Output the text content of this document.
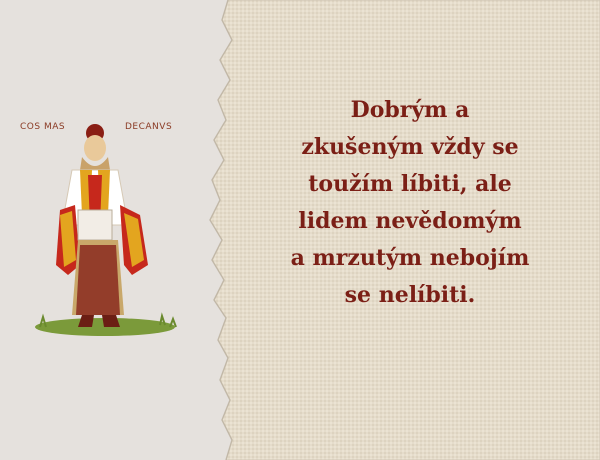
COS MAS	DECANVS
Dobrým a
zkušeným vždy se
toužím líbiti, ale
lidem nevědomým
a mrzutým nebojím
se nelíbiti.
